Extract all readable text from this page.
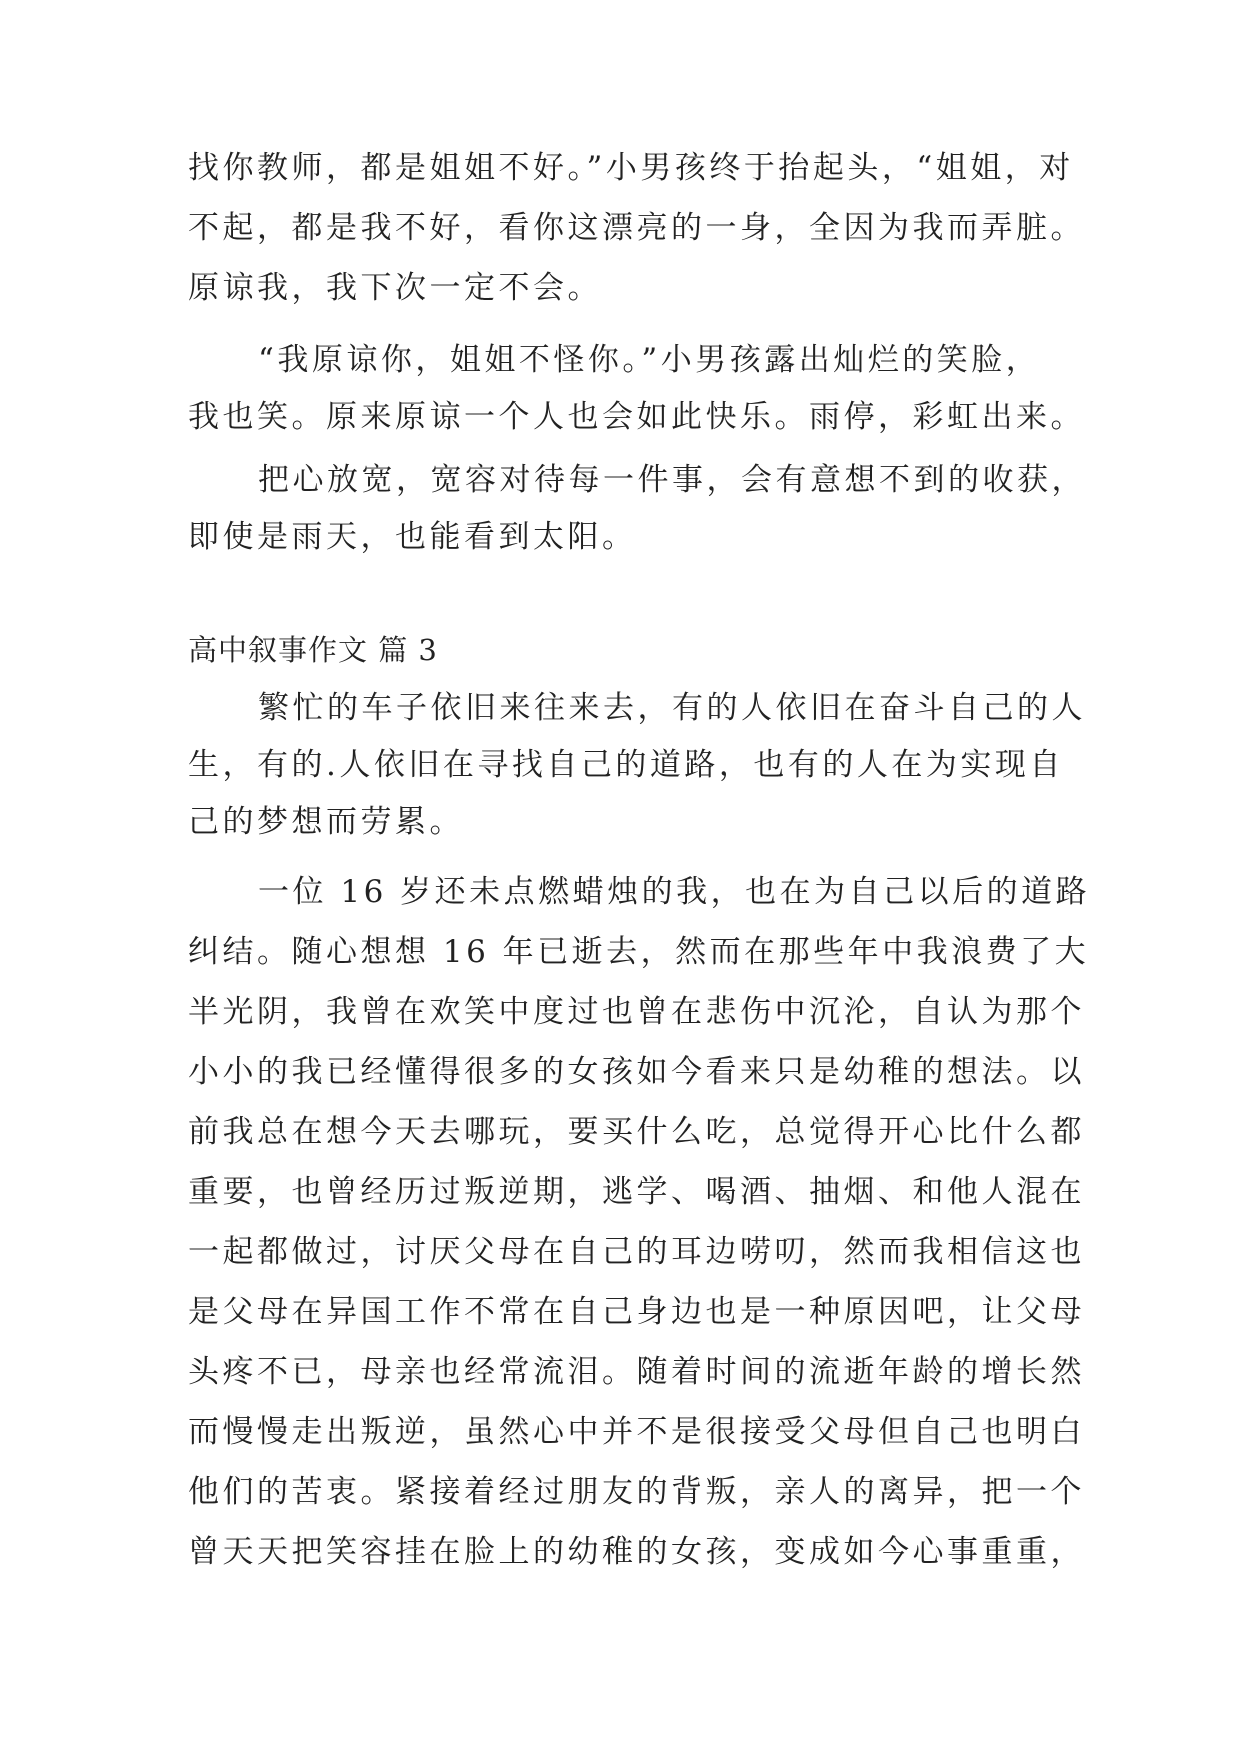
找你教师，都是姐姐不好。”小男孩终于抬起头，“姐姐，对

不起，都是我不好，看你这漂亮的一身，全因为我而弄脏。

原谅我，我下次一定不会。

“我原谅你，姐姐不怪你。”小男孩露出灿烂的笑脸，

我也笑。原来原谅一个人也会如此快乐。雨停，彩虹出来。

把心放宽，宽容对待每一件事，会有意想不到的收获，

即使是雨天，也能看到太阳。

高中叙事作文 篇 3

繁忙的车子依旧来往来去，有的人依旧在奋斗自己的人

生，有的.人依旧在寻找自己的道路，也有的人在为实现自

己的梦想而劳累。

一位 16 岁还未点燃蜡烛的我，也在为自己以后的道路

纠结。随心想想 16 年已逝去，然而在那些年中我浪费了大

半光阴，我曾在欢笑中度过也曾在悲伤中沉沦，自认为那个

小小的我已经懂得很多的女孩如今看来只是幼稚的想法。以

前我总在想今天去哪玩，要买什么吃，总觉得开心比什么都

重要，也曾经历过叛逆期，逃学、喝酒、抽烟、和他人混在

一起都做过，讨厌父母在自己的耳边唠叨，然而我相信这也

是父母在异国工作不常在自己身边也是一种原因吧，让父母

头疼不已，母亲也经常流泪。随着时间的流逝年龄的增长然

而慢慢走出叛逆，虽然心中并不是很接受父母但自己也明白

他们的苦衷。紧接着经过朋友的背叛，亲人的离异，把一个

曾天天把笑容挂在脸上的幼稚的女孩，变成如今心事重重，
